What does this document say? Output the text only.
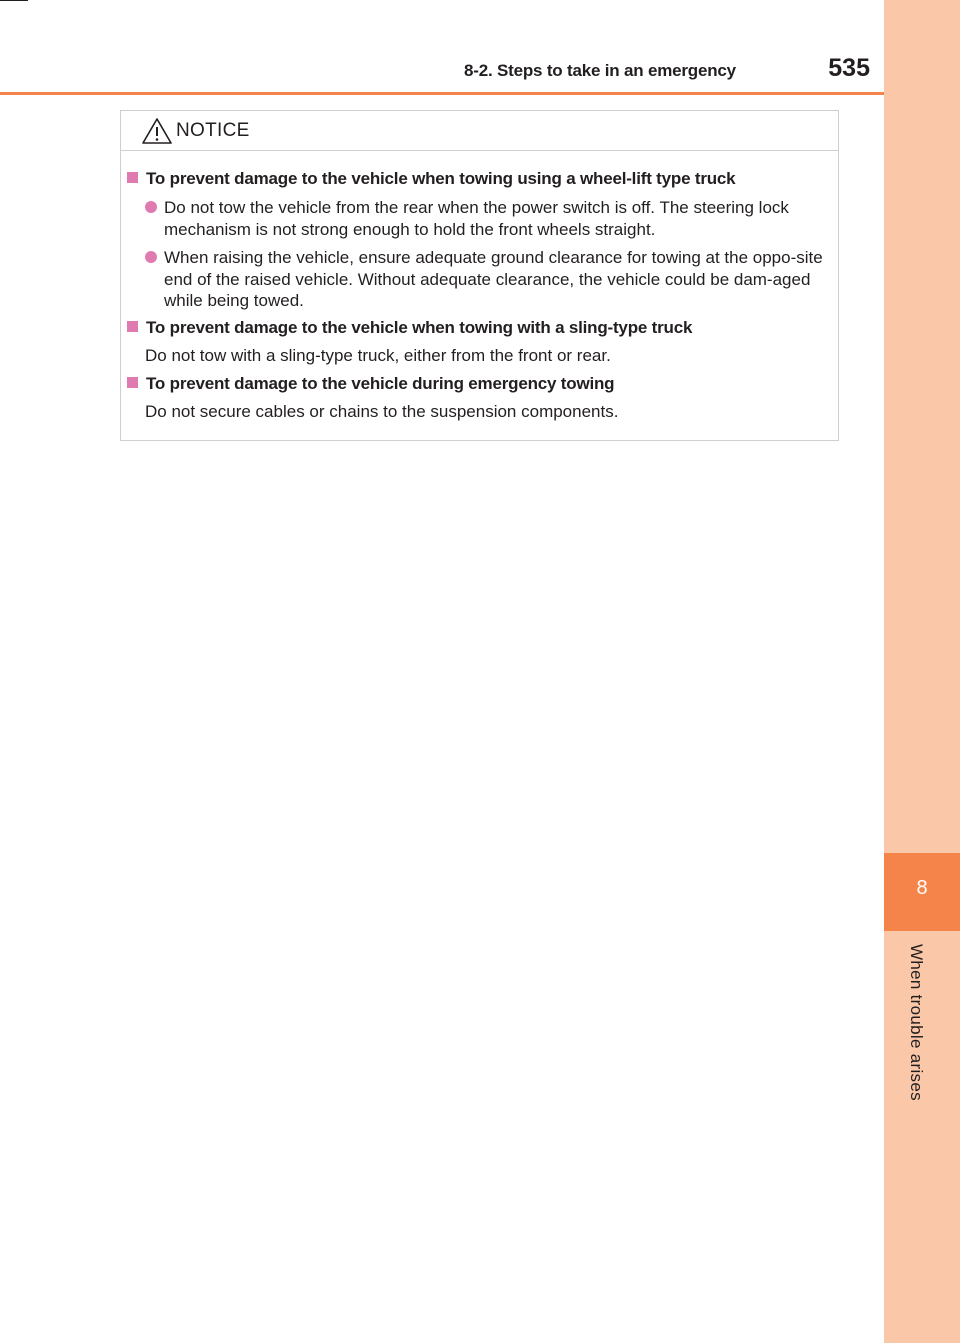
8-2. Steps to take in an emergency	535
8
When trouble arises
NOTICE
To prevent damage to the vehicle when towing using a wheel-lift type truck
Do not tow the vehicle from the rear when the power switch is off. The steering lock mechanism is not strong enough to hold the front wheels straight.
When raising the vehicle, ensure adequate ground clearance for towing at the oppo-site end of the raised vehicle. Without adequate clearance, the vehicle could be dam-aged while being towed.
To prevent damage to the vehicle when towing with a sling-type truck
Do not tow with a sling-type truck, either from the front or rear.
To prevent damage to the vehicle during emergency towing
Do not secure cables or chains to the suspension components.
